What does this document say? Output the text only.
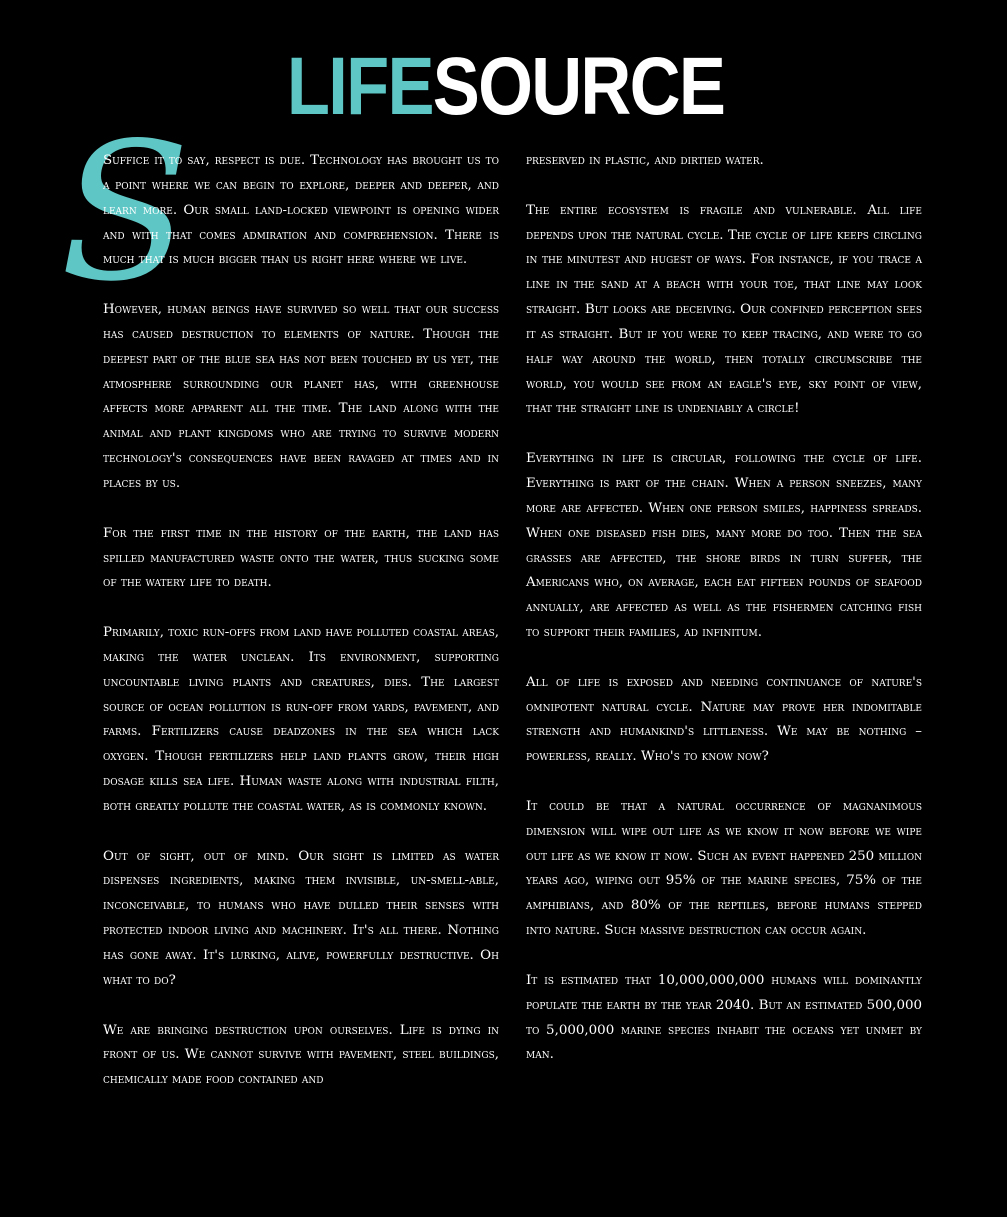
LIFESOURCE
S

Suffice it to say, respect is due. Technology has brought us to a point where we can begin to explore, deeper and deeper, and learn more. Our small land-locked viewpoint is opening wider and with that comes admiration and comprehension. There is much that is much bigger than us right here where we live.

However, human beings have survived so well that our success has caused destruction to elements of nature. Though the deepest part of the blue sea has not been touched by us yet, the atmosphere surrounding our planet has, with greenhouse affects more apparent all the time. The land along with the animal and plant kingdoms who are trying to survive modern technology's consequences have been ravaged at times and in places by us.

For the first time in the history of the earth, the land has spilled manufactured waste onto the water, thus sucking some of the watery life to death.

Primarily, toxic run-offs from land have polluted coastal areas, making the water unclean. Its environment, supporting uncountable living plants and creatures, dies. The largest source of ocean pollution is run-off from yards, pavement, and farms. Fertilizers cause deadzones in the sea which lack oxygen. Though fertilizers help land plants grow, their high dosage kills sea life. Human waste along with industrial filth, both greatly pollute the coastal water, as is commonly known.

Out of sight, out of mind. Our sight is limited as water dispenses ingredients, making them invisible, un-smell-able, inconceivable, to humans who have dulled their senses with protected indoor living and machinery. It's all there. Nothing has gone away. It's lurking, alive, powerfully destructive. Oh what to do?

We are bringing destruction upon ourselves. Life is dying in front of us. We cannot survive with pavement, steel buildings, chemically made food contained and

preserved in plastic, and dirtied water.

The entire ecosystem is fragile and vulnerable. All life depends upon the natural cycle. The cycle of life keeps circling in the minutest and hugest of ways. For instance, if you trace a line in the sand at a beach with your toe, that line may look straight. But looks are deceiving. Our confined perception sees it as straight. But if you were to keep tracing, and were to go half way around the world, then totally circumscribe the world, you would see from an eagle's eye, sky point of view, that the straight line is undeniably a circle!

Everything in life is circular, following the cycle of life. Everything is part of the chain. When a person sneezes, many more are affected. When one person smiles, happiness spreads. When one diseased fish dies, many more do too. Then the sea grasses are affected, the shore birds in turn suffer, the Americans who, on average, each eat fifteen pounds of seafood annually, are affected as well as the fishermen catching fish to support their families, ad infinitum.

All of life is exposed and needing continuance of nature's omnipotent natural cycle. Nature may prove her indomitable strength and humankind's littleness. We may be nothing – powerless, really. Who's to know now?

It could be that a natural occurrence of magnanimous dimension will wipe out life as we know it now before we wipe out life as we know it now. Such an event happened 250 million years ago, wiping out 95% of the marine species, 75% of the amphibians, and 80% of the reptiles, before humans stepped into nature. Such massive destruction can occur again.

It is estimated that 10,000,000,000 humans will dominantly populate the earth by the year 2040. But an estimated 500,000 to 5,000,000 marine species inhabit the oceans yet unmet by man.
